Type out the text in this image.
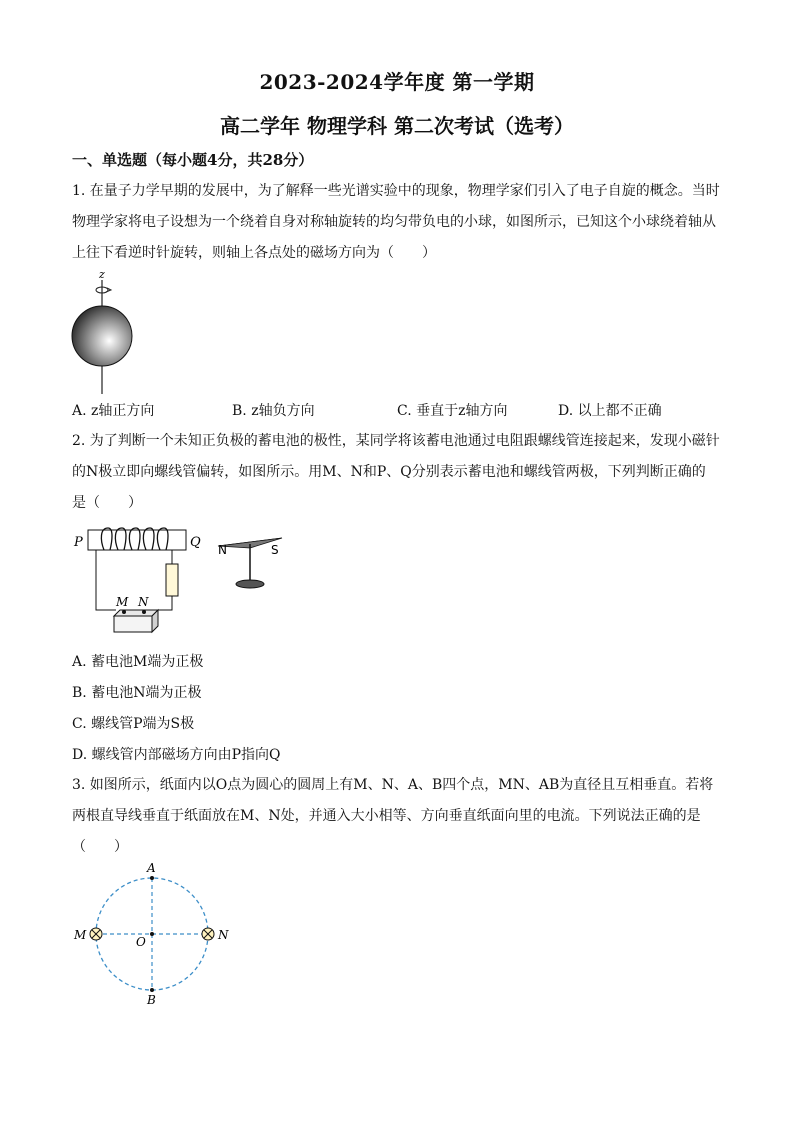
2023-2024学年度 第一学期
高二学年 物理学科 第二次考试（选考）
一、单选题（每小题4分，共28分）
1. 在量子力学早期的发展中，为了解释一些光谱实验中的现象，物理学家们引入了电子自旋的概念。当时
物理学家将电子设想为一个绕着自身对称轴旋转的均匀带负电的小球，如图所示，已知这个小球绕着轴从
上往下看逆时针旋转，则轴上各点处的磁场方向为（　　）
z
A. z轴正方向	B. z轴负方向	C. 垂直于z轴方向	D. 以上都不正确
2. 为了判断一个未知正负极的蓄电池的极性，某同学将该蓄电池通过电阻跟螺线管连接起来，发现小磁针
的N极立即向螺线管偏转，如图所示。用M、N和P、Q分别表示蓄电池和螺线管两极，下列判断正确的
是（　　）
P	Q
M N
N	S
A. 蓄电池M端为正极
B. 蓄电池N端为正极
C. 螺线管P端为S极
D. 螺线管内部磁场方向由P指向Q
3. 如图所示，纸面内以O点为圆心的圆周上有M、N、A、B四个点，MN、AB为直径且互相垂直。若将
两根直导线垂直于纸面放在M、N处，并通入大小相等、方向垂直纸面向里的电流。下列说法正确的是
（　　）
A
B
M	N
O
